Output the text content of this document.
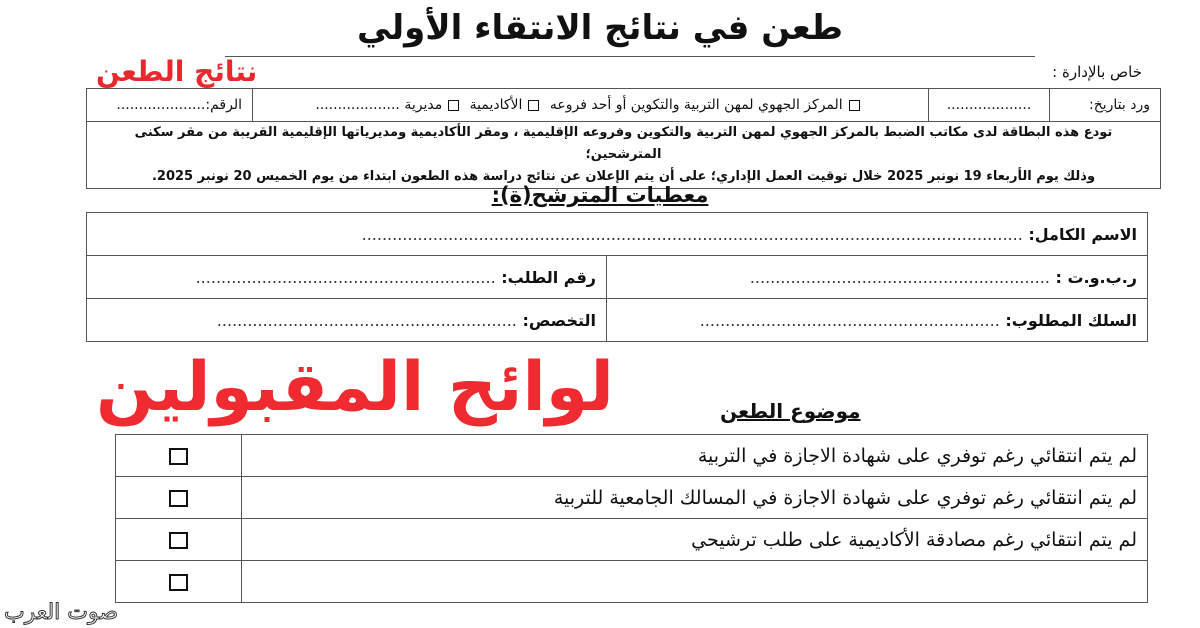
طعن في نتائج الانتقاء الأولي
خاص بالإدارة :
ورد بتاريخ:	...................	المركز الجهوي لمهن التربية والتكوين أو أحد فروعه الأكاديمية مديرية ...................	الرقم:....................

تودع هذه البطاقة لدى مكاتب الضبط بالمركز الجهوي لمهن التربية والتكوين وفروعه الإقليمية ، ومقر الأكاديمية ومديرياتها الإقليمية القريبة من مقر سكنى المترشحين؛
وذلك يوم الأربعاء 19 نونبر 2025 خلال توقيت العمل الإداري؛ على أن يتم الإعلان عن نتائج دراسة هذه الطعون ابتداء من يوم الخميس 20 نونبر 2025.
معطيات المترشح(ة):
الاسم الكامل: ..................................................................................................................................	
ر.ب.و.ت : ...........................................................	رقم الطلب: ...........................................................
السلك المطلوب: ...........................................................	التخصص: ...........................................................
موضوع الطعن
لم يتم انتقائي رغم توفري على شهادة الاجازة في التربية	
لم يتم انتقائي رغم توفري على شهادة الاجازة في المسالك الجامعية للتربية	
لم يتم انتقائي رغم مصادقة الأكاديمية على طلب ترشيحي	

نتائج الطعن
لوائح المقبولين
صوت العرب
